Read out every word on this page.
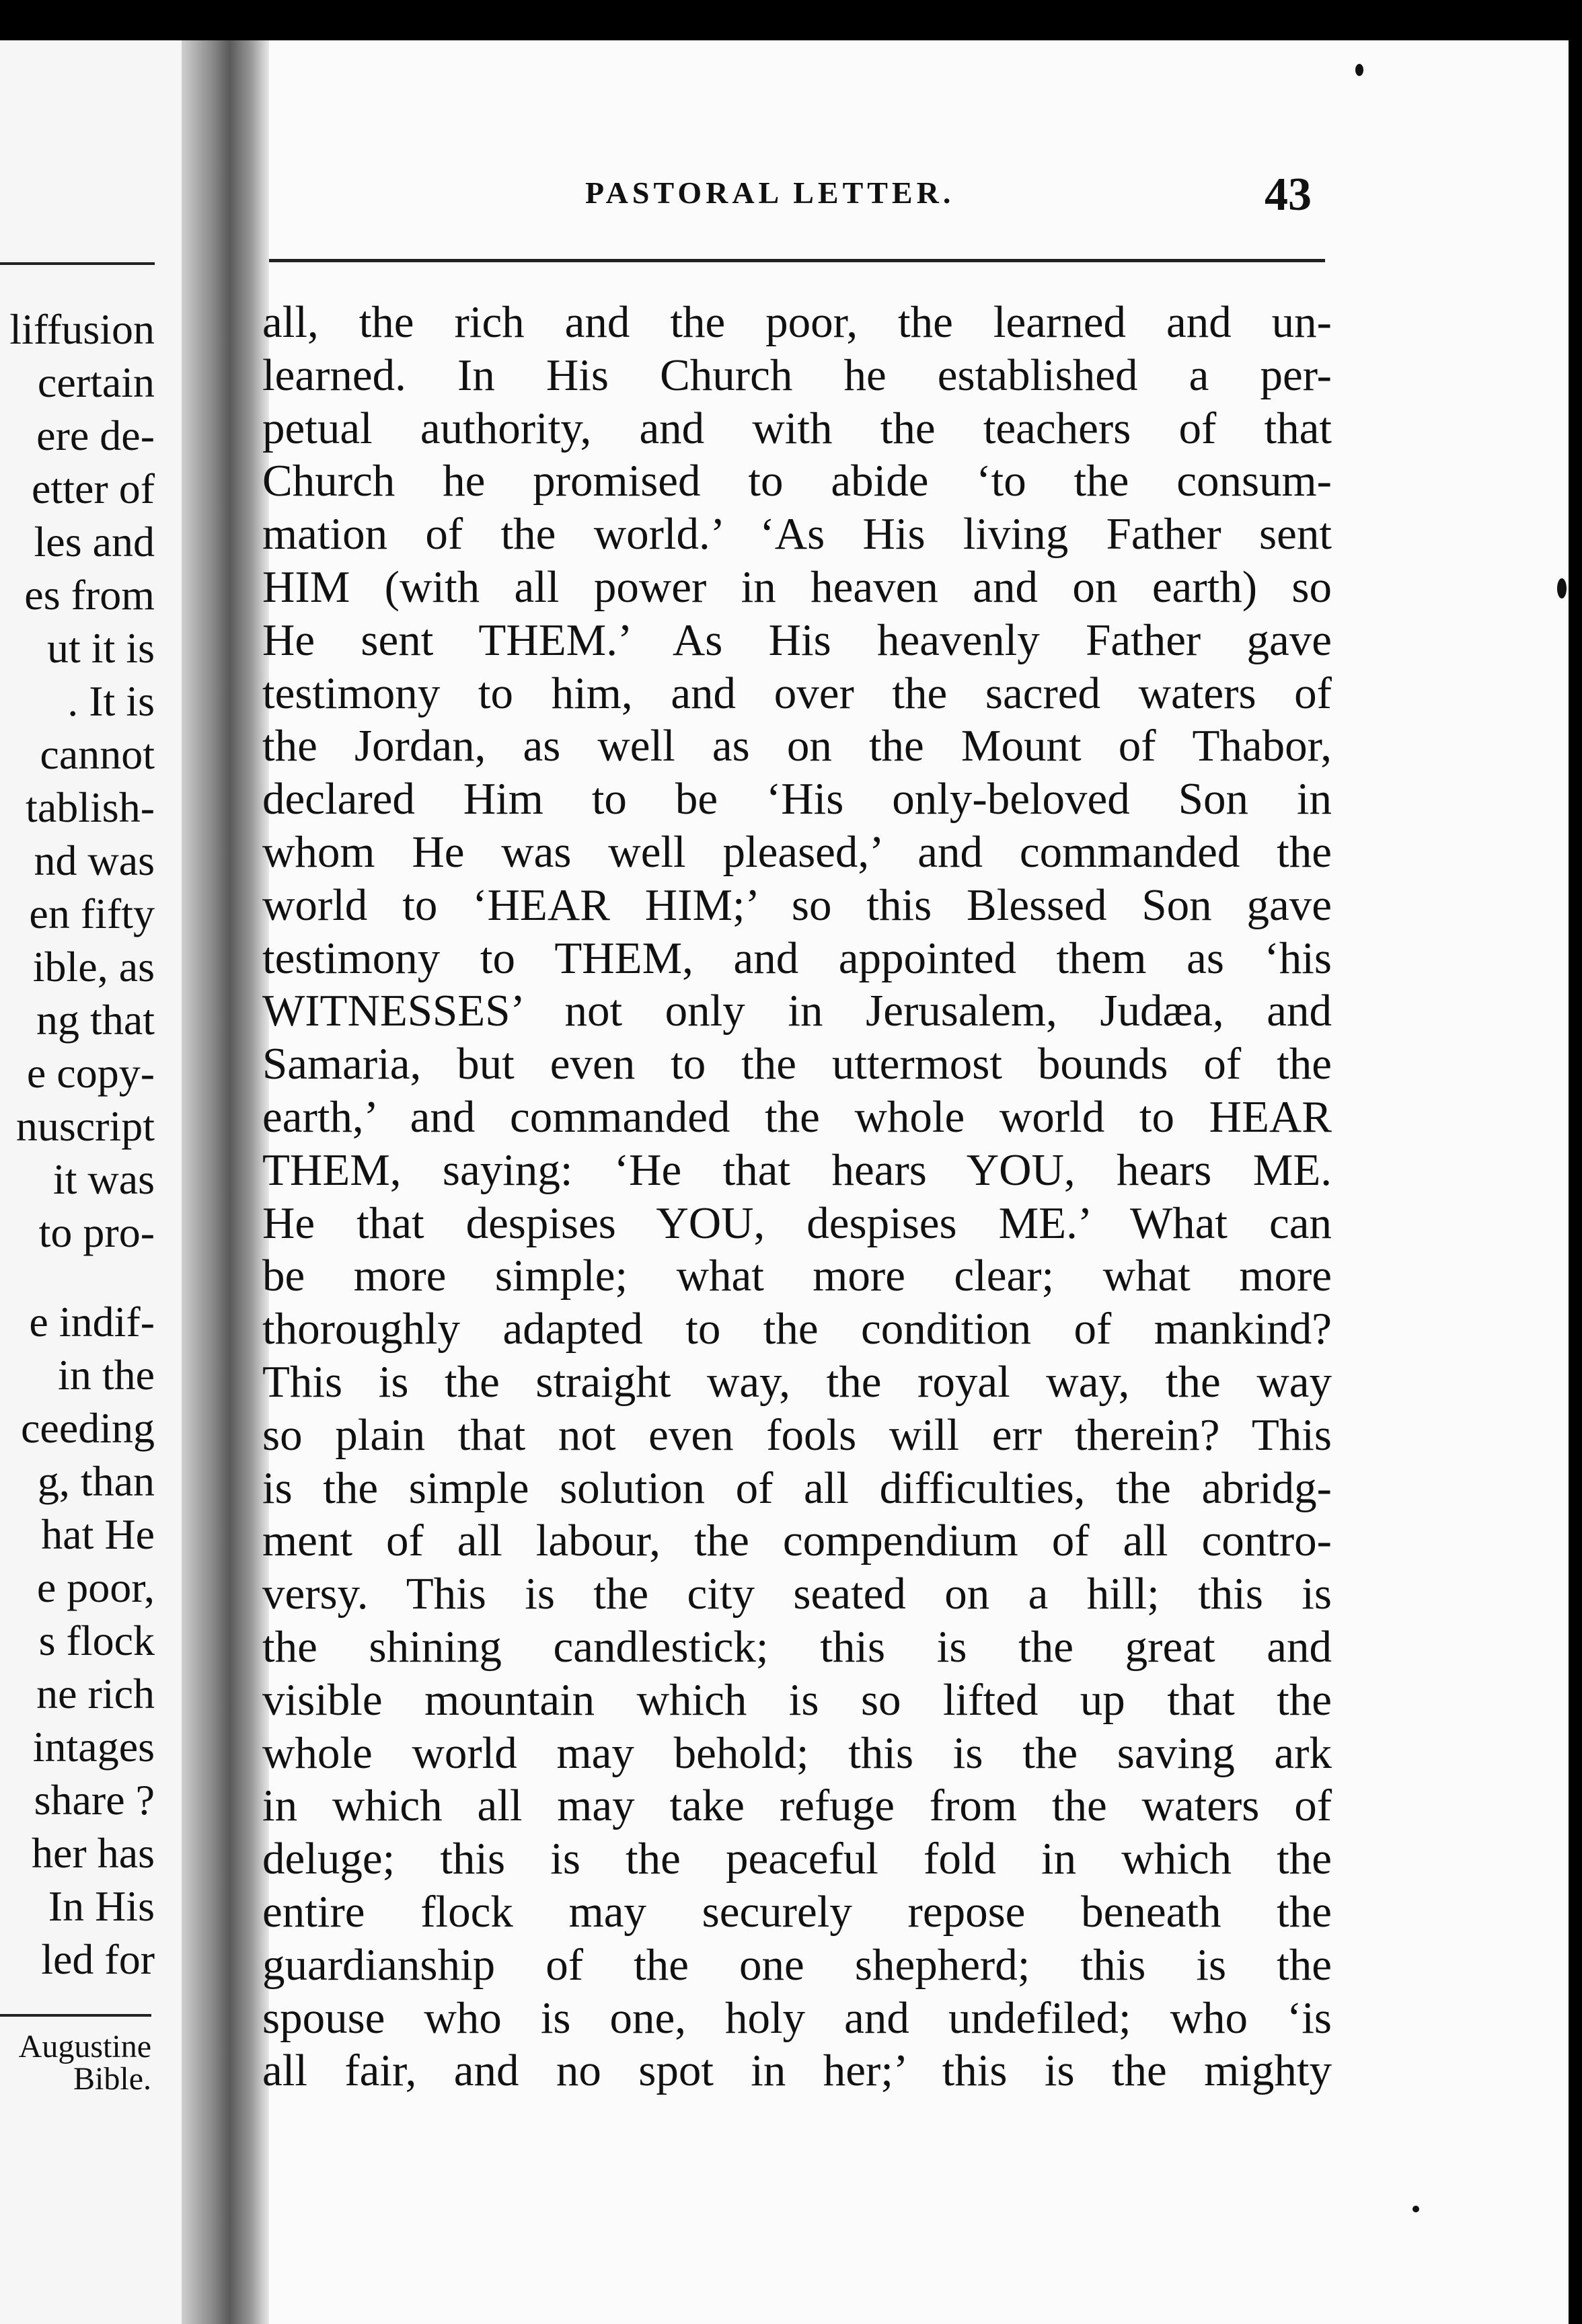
liffusion
certain
ere de-
etter of
les and
es from
ut it is
. It is
cannot
tablish-
nd was
en fifty
ible, as
ng that
e copy-
nuscript
it was
to pro-
e indif-
in the
ceeding
g, than
hat He
e poor,
s flock
ne rich
intages
share ?
her has
In His
led for
Augustine
Bible.
PASTORAL LETTER.	43
all, the rich and the poor, the learned and un-
learned. In His Church he established a per-
petual authority, and with the teachers of that
Church he promised to abide ‘to the consum-
mation of the world.’ ‘As His living Father sent
HIM (with all power in heaven and on earth) so
He sent THEM.’ As His heavenly Father gave
testimony to him, and over the sacred waters of
the Jordan, as well as on the Mount of Thabor,
declared Him to be ‘His only-beloved Son in
whom He was well pleased,’ and commanded the
world to ‘HEAR HIM;’ so this Blessed Son gave
testimony to THEM, and appointed them as ‘his
WITNESSES’ not only in Jerusalem, Judæa, and
Samaria, but even to the uttermost bounds of the
earth,’ and commanded the whole world to HEAR
THEM, saying: ‘He that hears YOU, hears ME.
He that despises YOU, despises ME.’ What can
be more simple; what more clear; what more
thoroughly adapted to the condition of mankind?
This is the straight way, the royal way, the way
so plain that not even fools will err therein? This
is the simple solution of all difficulties, the abridg-
ment of all labour, the compendium of all contro-
versy. This is the city seated on a hill; this is
the shining candlestick; this is the great and
visible mountain which is so lifted up that the
whole world may behold; this is the saving ark
in which all may take refuge from the waters of
deluge; this is the peaceful fold in which the
entire flock may securely repose beneath the
guardianship of the one shepherd; this is the
spouse who is one, holy and undefiled; who ‘is
all fair, and no spot in her;’ this is the mighty
